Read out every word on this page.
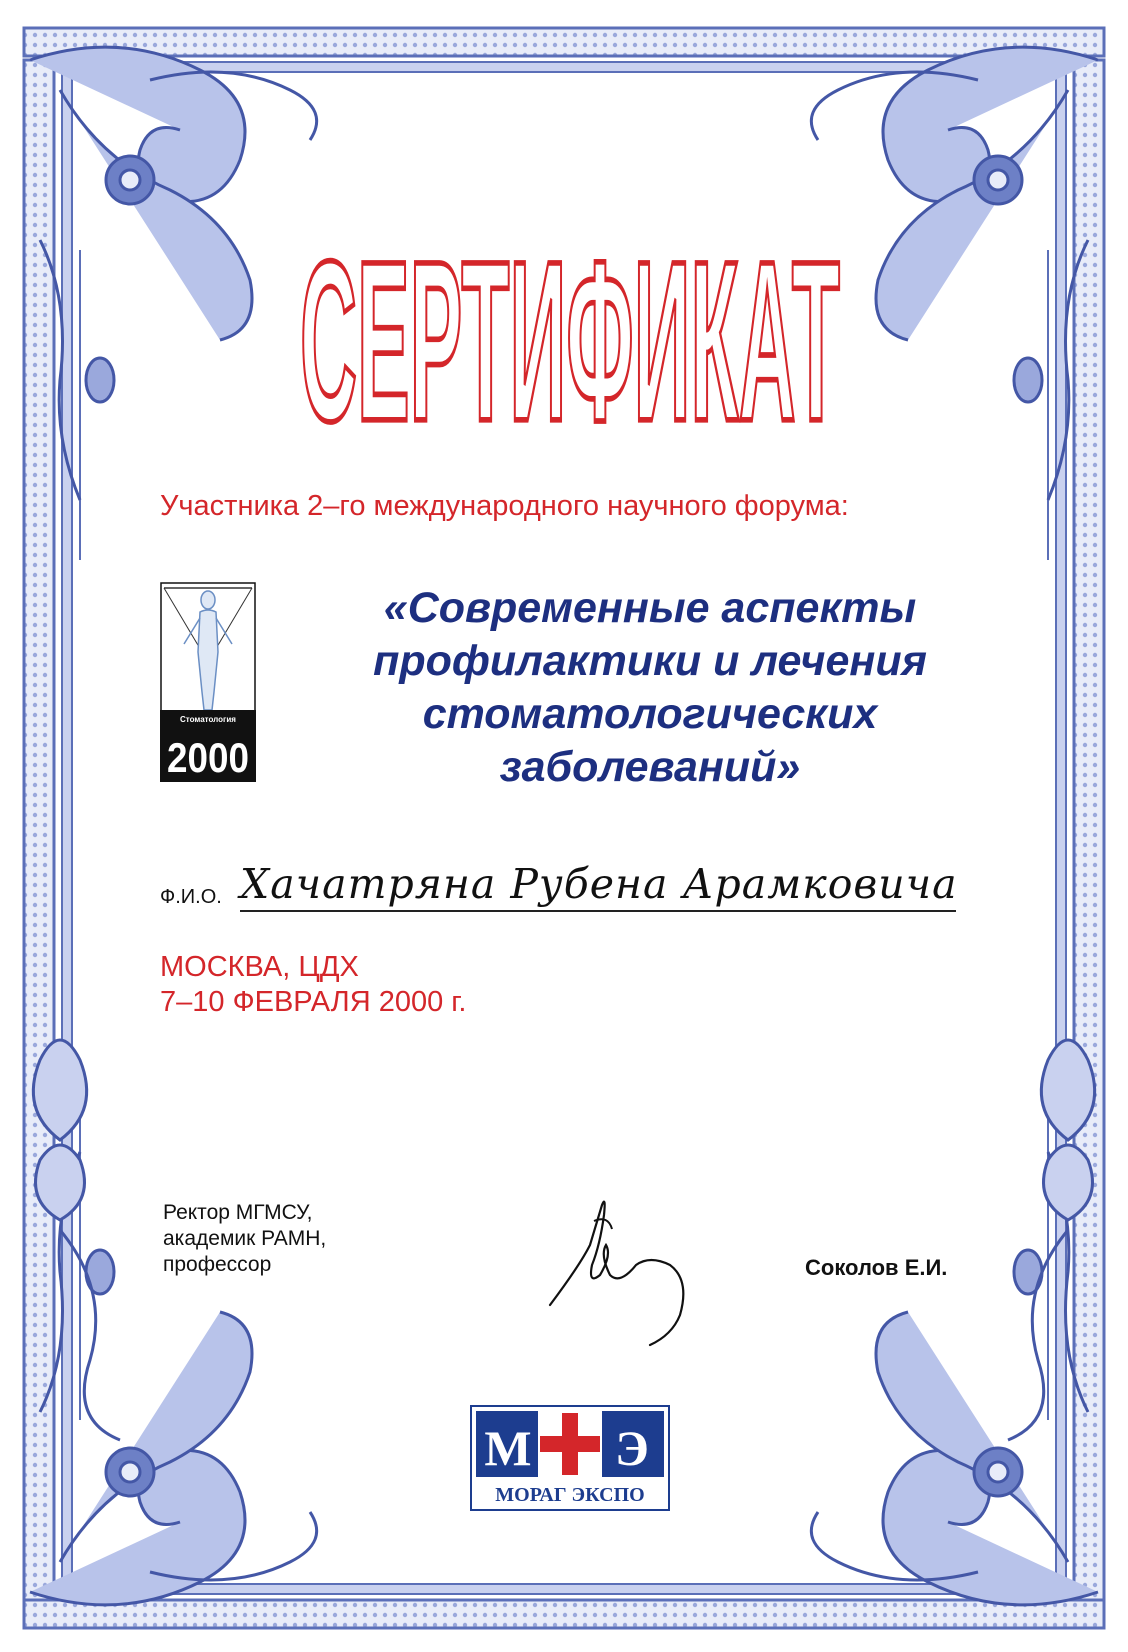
СЕРТИФИКАТ
Участника 2–го международного научного форума:
Стоматология
2000
«Современные аспекты профилактики и лечения стоматологических заболеваний»
Ф.И.О. Хачатряна Рубена Арамковича
МОСКВА, ЦДХ
7–10 ФЕВРАЛЯ 2000 г.
Ректор МГМСУ,
академик РАМН,
профессор	Соколов Е.И.
М Э
МОРАГ ЭКСПО
